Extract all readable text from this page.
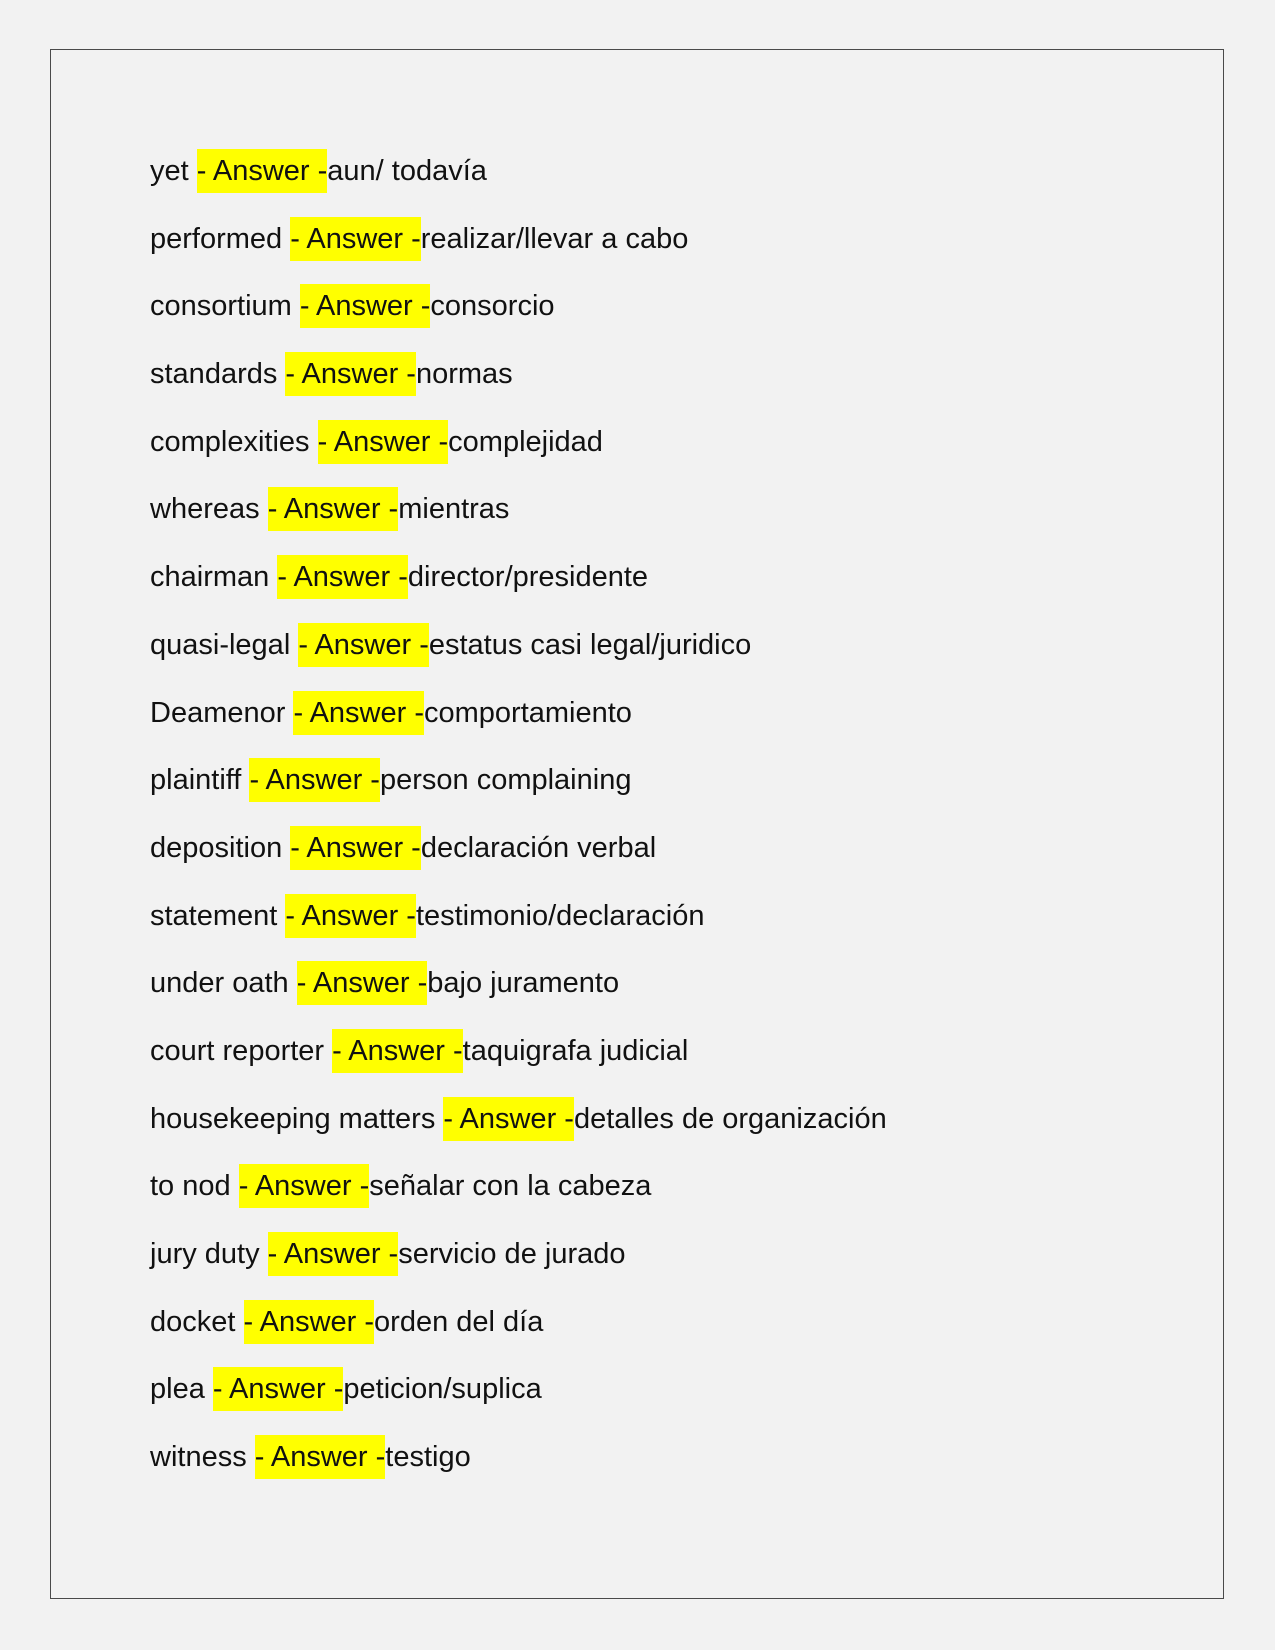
yet - Answer -aun/ todavía
performed - Answer -realizar/llevar a cabo
consortium - Answer -consorcio
standards - Answer -normas
complexities - Answer -complejidad
whereas - Answer -mientras
chairman - Answer -director/presidente
quasi-legal - Answer -estatus casi legal/juridico
Deamenor - Answer -comportamiento
plaintiff - Answer -person complaining
deposition - Answer -declaración verbal
statement - Answer -testimonio/declaración
under oath - Answer -bajo juramento
court reporter - Answer -taquigrafa judicial
housekeeping matters - Answer -detalles de organización
to nod - Answer -señalar con la cabeza
jury duty - Answer -servicio de jurado
docket - Answer -orden del día
plea - Answer -peticion/suplica
witness - Answer -testigo
